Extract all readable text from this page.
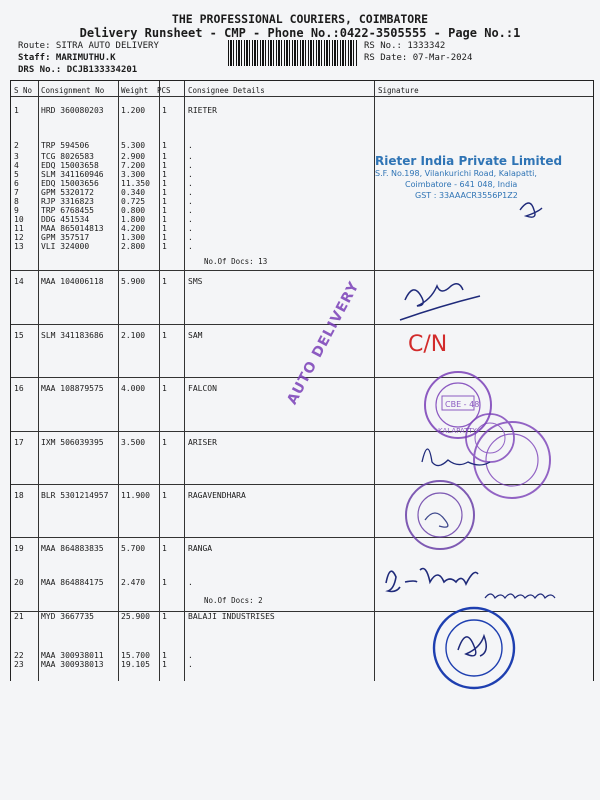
THE PROFESSIONAL COURIERS, COIMBATORE
Delivery Runsheet - CMP - Phone No.:0422-3505555 - Page No.:1
Route: SITRA AUTO DELIVERY
Staff: MARIMUTHU.K
DRS No.: DCJB133334201
RS No.: 1333342
RS Date: 07-Mar-2024
S No Consignment No Weight PCS Consignee Details	Signature
1	HRD 360080203 1.200 1	RIETER
2	TRP 594506	5.300 1	.
3	TCG 8026583	2.900 1	.
4	EDQ 15003658	7.200 1	.
5	SLM 341160946 3.300 1	.
6	EDQ 15003656	11.350 1	.
7	GPM 5320172	0.340 1	.
8	RJP 3316823	0.725 1	.
9	TRP 6768455	0.800 1	.
10 DDG 451534	1.800 1	.
11 MAA 865014813 4.200 1	.
12 GPM 357517	1.300 1	.
13 VLI 324000	2.800 1	.
14 MAA 104006118 5.900 1	SMS
15 SLM 341183686 2.100 1	SAM
16 MAA 108879575 4.000 1	FALCON
17 IXM 506039395 3.500 1	ARISER
18 BLR 5301214957 11.900 1	RAGAVENDHARA
19 MAA 864883835 5.700 1	RANGA
20 MAA 864884175 2.470 1	.
21 MYD 3667735	25.900 1	BALAJI INDUSTRISES
22 MAA 300938011 15.700 1	.
23 MAA 300938013 19.105 1	.
No.Of Docs: 13
No.Of Docs: 2
Rieter India Private Limited
S.F. No.198, Vilankurichi Road, Kalapatti,
Coimbatore - 641 048, India
GST : 33AAACR3556P1Z2
AUTO DELIVERY C/N
CBE - 48
KALAPATTY
